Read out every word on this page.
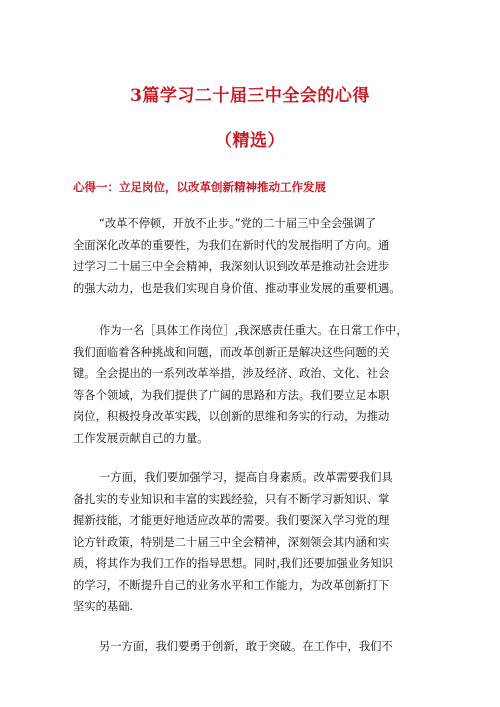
3篇学习二十届三中全会的心得
（精选）
心得一：立足岗位，以改革创新精神推动工作发展
“改革不停顿，开放不止步。”党的二十届三中全会强调了
全面深化改革的重要性，为我们在新时代的发展指明了方向。通
过学习二十届三中全会精神，我深刻认识到改革是推动社会进步
的强大动力，也是我们实现自身价值、推动事业发展的重要机遇。
作为一名［具体工作岗位］,我深感责任重大。在日常工作中，
我们面临着各种挑战和问题，而改革创新正是解决这些问题的关
键。全会提出的一系列改革举措，涉及经济、政治、文化、社会
等各个领域，为我们提供了广阔的思路和方法。我们要立足本职
岗位，积极投身改革实践，以创新的思维和务实的行动，为推动
工作发展贡献自己的力量。
一方面，我们要加强学习，提高自身素质。改革需要我们具
备扎实的专业知识和丰富的实践经验，只有不断学习新知识、掌
握新技能，才能更好地适应改革的需要。我们要深入学习党的理
论方针政策，特别是二十届三中全会精神，深刻领会其内涵和实
质，将其作为我们工作的指导思想。同时,我们还要加强业务知识
的学习，不断提升自己的业务水平和工作能力，为改革创新打下
坚实的基础.
另一方面，我们要勇于创新，敢于突破。在工作中，我们不
